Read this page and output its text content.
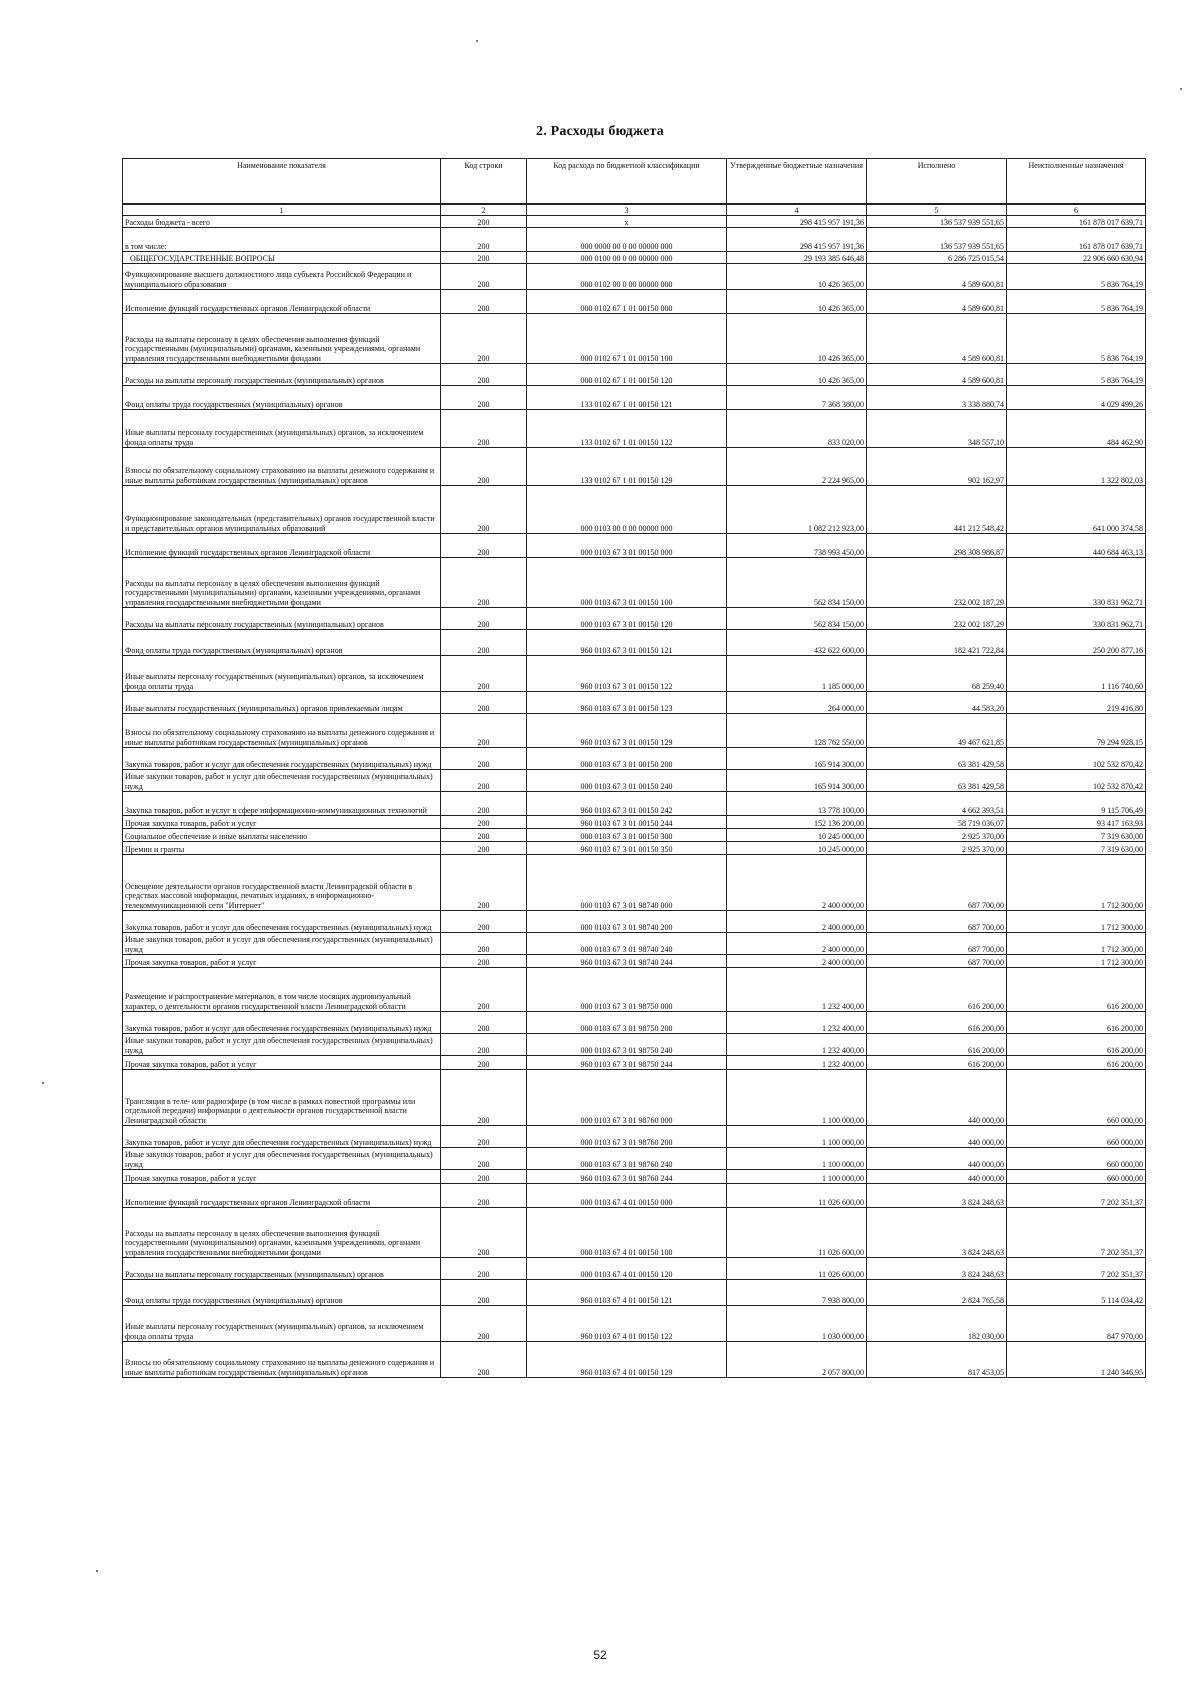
2. Расходы бюджета
Наименование показателя	Код строки	Код расхода по бюджетной классификации	Утвержденные бюджетные назначения	Исполнено	Неисполненные назначения
1	2	3	4	5	6
Расходы бюджета - всего	200	x	298 415 957 191,36	136 537 939 551,65	161 878 017 639,71
в том числе:	200	000 0000 00 0 00 00000 000	298 415 957 191,36	136 537 939 551,65	161 878 017 639,71
ОБЩЕГОСУДАРСТВЕННЫЕ ВОПРОСЫ	200	000 0100 00 0 00 00000 000	29 193 385 646,48	6 286 725 015,54	22 906 660 630,94
Функционирование высшего должностного лица субъекта Российской Федерации и муниципального образования	200	000 0102 00 0 00 00000 000	10 426 365,00	4 589 600,81	5 836 764,19
Исполнение функций государственных органов Ленинградской области	200	000 0102 67 1 01 00150 000	10 426 365,00	4 589 600,81	5 836 764,19
Расходы на выплаты персоналу в целях обеспечения выполнения функций государственными (муниципальными) органами, казенными учреждениями, органами управления государственными внебюджетными фондами	200	000 0102 67 1 01 00150 100	10 426 365,00	4 589 600,81	5 836 764,19
Расходы на выплаты персоналу государственных (муниципальных) органов	200	000 0102 67 1 01 00150 120	10 426 365,00	4 589 600,81	5 836 764,19
Фонд оплаты труда государственных (муниципальных) органов	200	133 0102 67 1 01 00150 121	7 368 380,00	3 338 880,74	4 029 499,26
Иные выплаты персоналу государственных (муниципальных) органов, за исключением фонда оплаты труда	200	133 0102 67 1 01 00150 122	833 020,00	348 557,10	484 462,90
Взносы по обязательному социальному страхованию на выплаты денежного содержания и иные выплаты работникам государственных (муниципальных) органов	200	133 0102 67 1 01 00150 129	2 224 965,00	902 162,97	1 322 802,03
Функционирование законодательных (представительных) органов государственной власти и представительных органов муниципальных образований	200	000 0103 00 0 00 00000 000	1 082 212 923,00	441 212 548,42	641 000 374,58
Исполнение функций государственных органов Ленинградской области	200	000 0103 67 3 01 00150 000	738 993 450,00	298 308 986,87	440 684 463,13
Расходы на выплаты персоналу в целях обеспечения выполнения функций государственными (муниципальными) органами, казенными учреждениями, органами управления государственными внебюджетными фондами	200	000 0103 67 3 01 00150 100	562 834 150,00	232 002 187,29	330 831 962,71
Расходы на выплаты персоналу государственных (муниципальных) органов	200	000 0103 67 3 01 00150 120	562 834 150,00	232 002 187,29	330 831 962,71
Фонд оплаты труда государственных (муниципальных) органов	200	960 0103 67 3 01 00150 121	432 622 600,00	182 421 722,84	250 200 877,16
Иные выплаты персоналу государственных (муниципальных) органов, за исключением фонда оплаты труда	200	960 0103 67 3 01 00150 122	1 185 000,00	68 259,40	1 116 740,60
Иные выплаты государственных (муниципальных) органов привлекаемым лицам	200	960 0103 67 3 01 00150 123	264 000,00	44 583,20	219 416,80
Взносы по обязательному социальному страхованию на выплаты денежного содержания и иные выплаты работникам государственных (муниципальных) органов	200	960 0103 67 3 01 00150 129	128 762 550,00	49 467 621,85	79 294 928,15
Закупка товаров, работ и услуг для обеспечения государственных (муниципальных) нужд	200	000 0103 67 3 01 00150 200	165 914 300,00	63 381 429,58	102 532 870,42
Иные закупки товаров, работ и услуг для обеспечения государственных (муниципальных) нужд	200	000 0103 67 3 01 00150 240	165 914 300,00	63 381 429,58	102 532 870,42
Закупка товаров, работ и услуг в сфере информационно-коммуникационных технологий	200	960 0103 67 3 01 00150 242	13 778 100,00	4 662 393,51	9 115 706,49
Прочая закупка товаров, работ и услуг	200	960 0103 67 3 01 00150 244	152 136 200,00	58 719 036,07	93 417 163,93
Социальное обеспечение и иные выплаты населению	200	000 0103 67 3 01 00150 300	10 245 000,00	2 925 370,00	7 319 630,00
Премии и гранты	200	960 0103 67 3 01 00150 350	10 245 000,00	2 925 370,00	7 319 630,00
Освещение деятельности органов государственной власти Ленинградской области в средствах массовой информации, печатных изданиях, в информационно-телекоммуникационной сети "Интернет"	200	000 0103 67 3 01 98740 000	2 400 000,00	687 700,00	1 712 300,00
Закупка товаров, работ и услуг для обеспечения государственных (муниципальных) нужд	200	000 0103 67 3 01 98740 200	2 400 000,00	687 700,00	1 712 300,00
Иные закупки товаров, работ и услуг для обеспечения государственных (муниципальных) нужд	200	000 0103 67 3 01 98740 240	2 400 000,00	687 700,00	1 712 300,00
Прочая закупка товаров, работ и услуг	200	960 0103 67 3 01 98740 244	2 400 000,00	687 700,00	1 712 300,00
Размещение и распространение материалов, в том числе носящих аудиовизуальный характер, о деятельности органов государственной власти Ленинградской области	200	000 0103 67 3 01 98750 000	1 232 400,00	616 200,00	616 200,00
Закупка товаров, работ и услуг для обеспечения государственных (муниципальных) нужд	200	000 0103 67 3 01 98750 200	1 232 400,00	616 200,00	616 200,00
Иные закупки товаров, работ и услуг для обеспечения государственных (муниципальных) нужд	200	000 0103 67 3 01 98750 240	1 232 400,00	616 200,00	616 200,00
Прочая закупка товаров, работ и услуг	200	960 0103 67 3 01 98750 244	1 232 400,00	616 200,00	616 200,00
Трансляция в теле- или радиоэфире (в том числе в рамках повестной программы или отдельной передачи) информации о деятельности органов государственной власти Ленинградской области	200	000 0103 67 3 01 98760 000	1 100 000,00	440 000,00	660 000,00
Закупка товаров, работ и услуг для обеспечения государственных (муниципальных) нужд	200	000 0103 67 3 01 98760 200	1 100 000,00	440 000,00	660 000,00
Иные закупки товаров, работ и услуг для обеспечения государственных (муниципальных) нужд	200	000 0103 67 3 01 98760 240	1 100 000,00	440 000,00	660 000,00
Прочая закупка товаров, работ и услуг	200	960 0103 67 3 01 98760 244	1 100 000,00	440 000,00	660 000,00
Исполнение функций государственных органов Ленинградской области	200	000 0103 67 4 01 00150 000	11 026 600,00	3 824 248,63	7 202 351,37
Расходы на выплаты персоналу в целях обеспечения выполнения функций государственными (муниципальными) органами, казенными учреждениями, органами управления государственными внебюджетными фондами	200	000 0103 67 4 01 00150 100	11 026 600,00	3 824 248,63	7 202 351,37
Расходы на выплаты персоналу государственных (муниципальных) органов	200	000 0103 67 4 01 00150 120	11 026 600,00	3 824 248,63	7 202 351,37
Фонд оплаты труда государственных (муниципальных) органов	200	960 0103 67 4 01 00150 121	7 938 800,00	2 824 765,58	5 114 034,42
Иные выплаты персоналу государственных (муниципальных) органов, за исключением фонда оплаты труда	200	960 0103 67 4 01 00150 122	1 030 000,00	182 030,00	847 970,00
Взносы по обязательному социальному страхованию на выплаты денежного содержания и иные выплаты работникам государственных (муниципальных) органов	200	960 0103 67 4 01 00150 129	2 057 800,00	817 453,05	1 240 346,95
52
